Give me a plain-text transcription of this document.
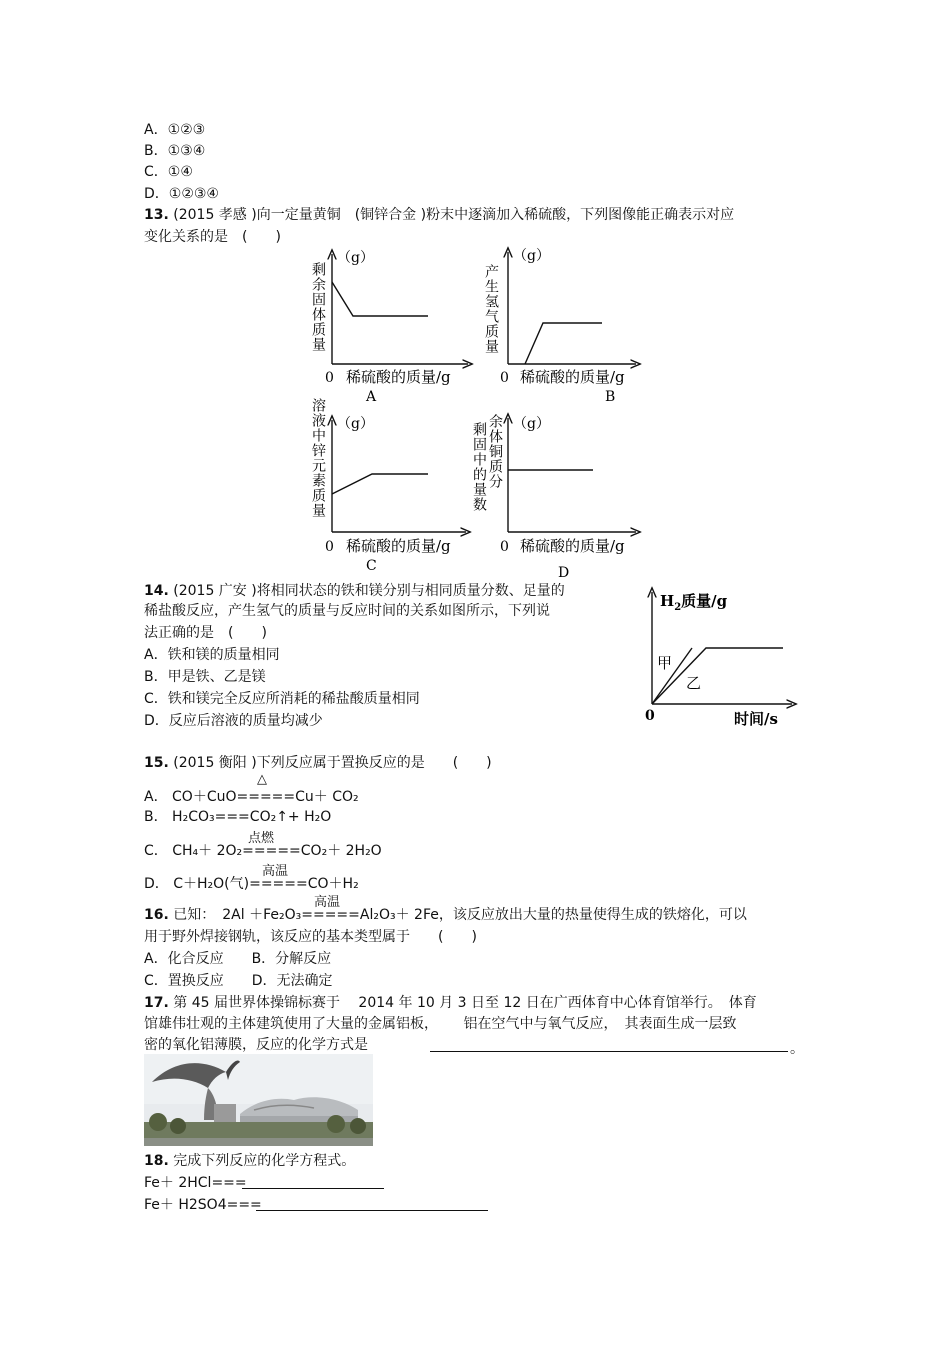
A．①②③
B．①③④
C．①④
D．①②③④
13. (2015 孝感 )向一定量黄铜　(铜锌合金 )粉末中逐滴加入稀硫酸，下列图像能正确表示对应
变化关系的是　(　　)
（g）
剩余固体质量
0 稀硫酸的质量/g
A
（g）
产生氢气质量
0 稀硫酸的质量/g
B
（g）
溶液中锌元素质量
0 稀硫酸的质量/g
C
（g）
剩固中的量数 余体铜质分
0 稀硫酸的质量/g
D
$H_2$质量/g
甲
乙
0	时间/s
14. (2015 广安 )将相同状态的铁和镁分别与相同质量分数、足量的
稀盐酸反应，产生氢气的质量与反应时间的关系如图所示，下列说
法正确的是　(　　)
A．铁和镁的质量相同
B．甲是铁、乙是镁
C．铁和镁完全反应所消耗的稀盐酸质量相同
D．反应后溶液的质量均减少
15. (2015 衡阳 )下列反应属于置换反应的是　　(　　)
△
A． CO＋CuO=====Cu＋ CO₂
B． H₂CO₃===CO₂↑+ H₂O
点燃
C． CH₄＋ 2O₂=====CO₂＋ 2H₂O
高温
D． C＋H₂O(气)=====CO＋H₂
高温
16. 已知：　2Al ＋Fe₂O₃=====Al₂O₃＋ 2Fe，该反应放出大量的热量使得生成的铁熔化，可以
用于野外焊接钢轨，该反应的基本类型属于　　(　　)
A．化合反应　　B．分解反应
C．置换反应　　D．无法确定
17. 第 45 届世界体操锦标赛于　 2014 年 10 月 3 日至 12 日在广西体育中心体育馆举行。　体育
馆雄伟壮观的主体建筑使用了大量的金属铝板，　　 铝在空气中与氧气反应，　其表面生成一层致
密的氧化铝薄膜，反应的化学方式是	。
18. 完成下列反应的化学方程式。
Fe＋ 2HCl===
Fe＋ H2SO4===
